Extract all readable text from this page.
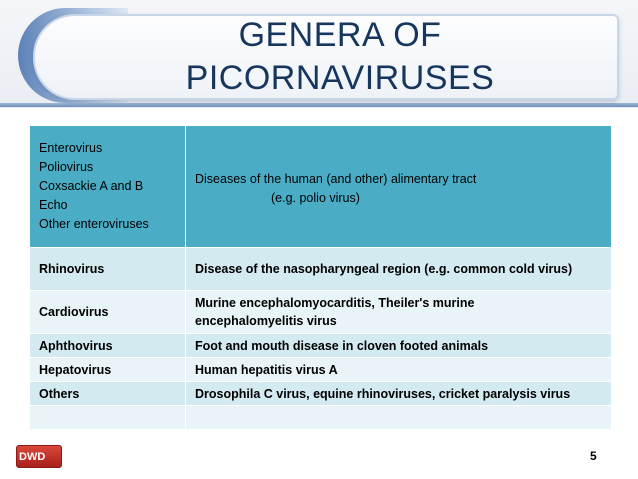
GENERA OF
PICORNAVIRUSES
Enterovirus
Poliovirus
Coxsackie A and B
Echo
Other enteroviruses	Diseases of the human (and other) alimentary tract
(e.g. polio virus)

Rhinovirus	Disease of the nasopharyngeal region (e.g. common cold virus)

Cardiovirus	Murine encephalomyocarditis, Theiler's murine
encephalomyelitis virus

Aphthovirus	Foot and mouth disease in cloven footed animals

Hepatovirus	Human hepatitis virus A

Others	Drosophila C virus, equine rhinoviruses, cricket paralysis virus

DWD	5
